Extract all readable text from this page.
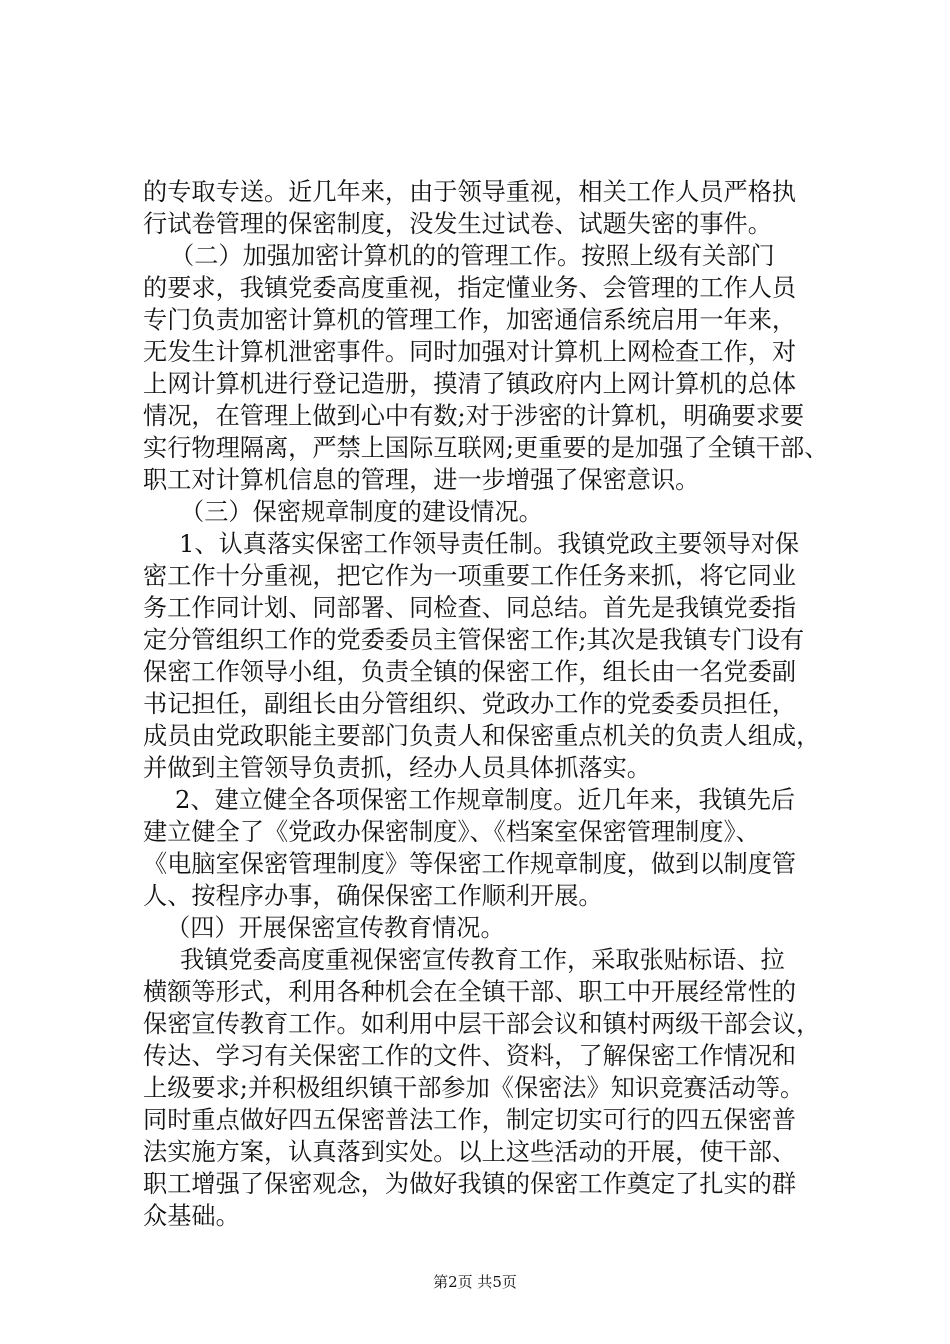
的专取专送。近几年来，由于领导重视，相关工作人员严格执
行试卷管理的保密制度，没发生过试卷、试题失密的事件。
（二）加强加密计算机的的管理工作。按照上级有关部门
的要求，我镇党委高度重视，指定懂业务、会管理的工作人员
专门负责加密计算机的管理工作，加密通信系统启用一年来，
无发生计算机泄密事件。同时加强对计算机上网检查工作，对
上网计算机进行登记造册，摸清了镇政府内上网计算机的总体
情况，在管理上做到心中有数;对于涉密的计算机，明确要求要
实行物理隔离，严禁上国际互联网;更重要的是加强了全镇干部、
职工对计算机信息的管理，进一步增强了保密意识。
（三）保密规章制度的建设情况。
1、认真落实保密工作领导责任制。我镇党政主要领导对保
密工作十分重视，把它作为一项重要工作任务来抓，将它同业
务工作同计划、同部署、同检查、同总结。首先是我镇党委指
定分管组织工作的党委委员主管保密工作;其次是我镇专门设有
保密工作领导小组，负责全镇的保密工作，组长由一名党委副
书记担任，副组长由分管组织、党政办工作的党委委员担任，
成员由党政职能主要部门负责人和保密重点机关的负责人组成，
并做到主管领导负责抓，经办人员具体抓落实。
2、建立健全各项保密工作规章制度。近几年来，我镇先后
建立健全了《党政办保密制度》、《档案室保密管理制度》、
《电脑室保密管理制度》等保密工作规章制度，做到以制度管
人、按程序办事，确保保密工作顺利开展。
（四）开展保密宣传教育情况。
我镇党委高度重视保密宣传教育工作，采取张贴标语、拉
横额等形式，利用各种机会在全镇干部、职工中开展经常性的
保密宣传教育工作。如利用中层干部会议和镇村两级干部会议，
传达、学习有关保密工作的文件、资料，了解保密工作情况和
上级要求;并积极组织镇干部参加《保密法》知识竞赛活动等。
同时重点做好四五保密普法工作，制定切实可行的四五保密普
法实施方案，认真落到实处。以上这些活动的开展，使干部、
职工增强了保密观念，为做好我镇的保密工作奠定了扎实的群
众基础。
第2页 共5页
